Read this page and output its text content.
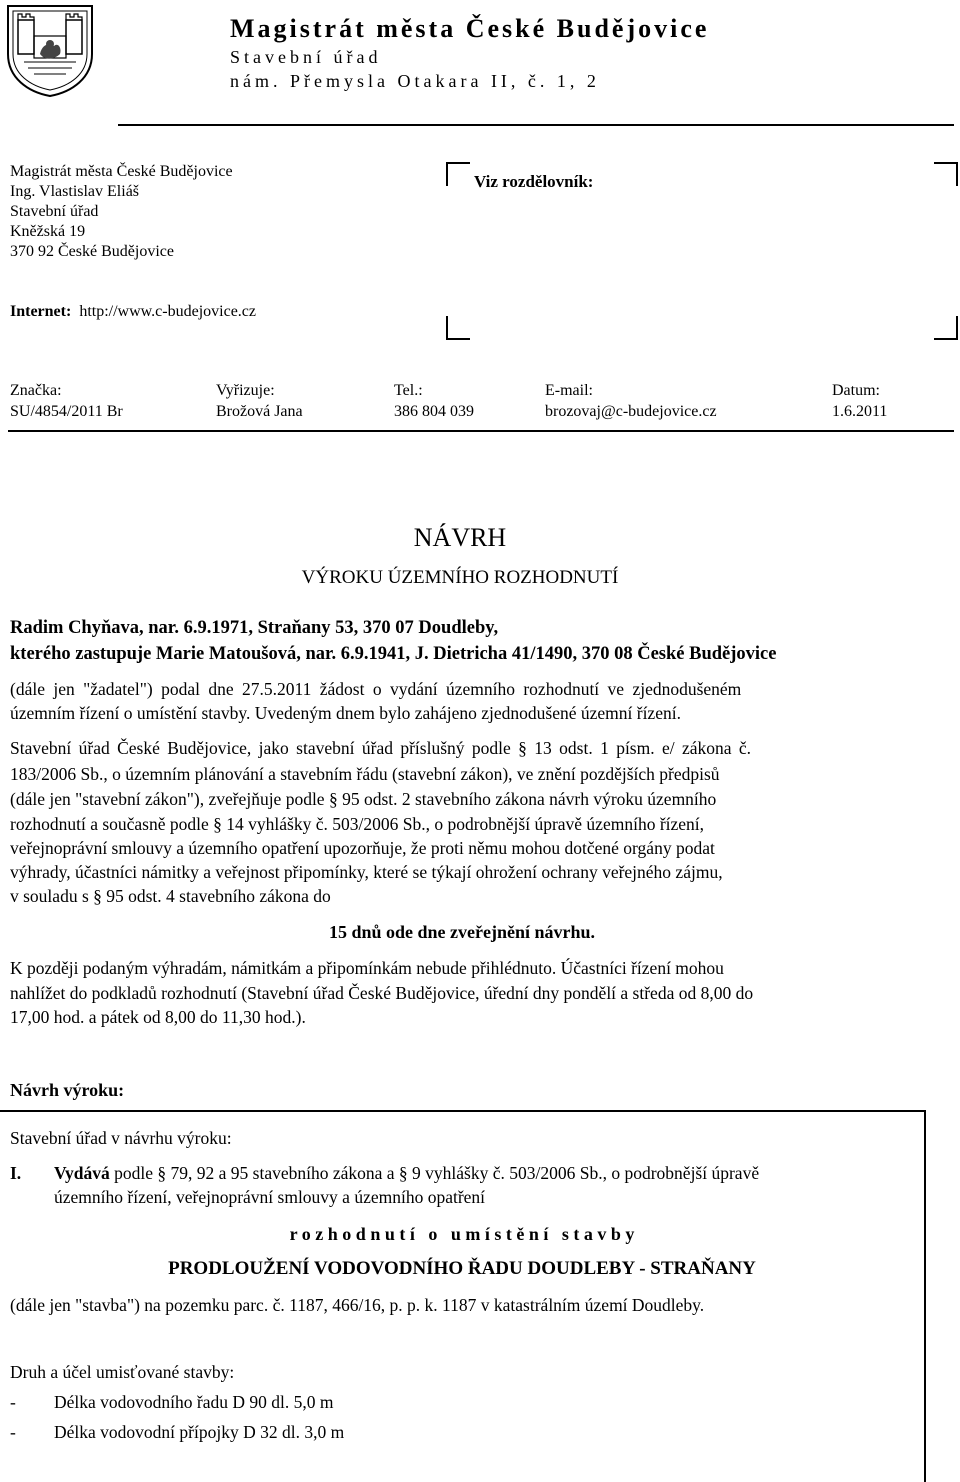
Magistrát města České Budějovice
Stavební úřad
nám. Přemysla Otakara II, č. 1, 2
Magistrát města České Budějovice
Ing. Vlastislav Eliáš
Stavební úřad
Kněžská 19
370 92 České Budějovice
Internet: http://www.c-budejovice.cz
Viz rozdělovník:
Značka:	Vyřizuje:	Tel.:	E-mail:	Datum:
SU/4854/2011 Br	Brožová Jana	386 804 039	brozovaj@c-budejovice.cz	1.6.2011
NÁVRH
VÝROKU ÚZEMNÍHO ROZHODNUTÍ
Radim Chyňava, nar. 6.9.1971, Straňany 53, 370 07 Doudleby,
kterého zastupuje Marie Matoušová, nar. 6.9.1941, J. Dietricha 41/1490, 370 08 České Budějovice
(dále jen "žadatel") podal dne 27.5.2011 žádost o vydání územního rozhodnutí ve zjednodušeném
územním řízení o umístění stavby. Uvedeným dnem bylo zahájeno zjednodušené územní řízení.
Stavební úřad České Budějovice, jako stavební úřad příslušný podle § 13 odst. 1 písm. e/ zákona č.
183/2006 Sb., o územním plánování a stavebním řádu (stavební zákon), ve znění pozdějších předpisů
(dále jen "stavební zákon"), zveřejňuje podle § 95 odst. 2 stavebního zákona návrh výroku územního
rozhodnutí a současně podle § 14 vyhlášky č. 503/2006 Sb., o podrobnější úpravě územního řízení,
veřejnoprávní smlouvy a územního opatření upozorňuje, že proti němu mohou dotčené orgány podat
výhrady, účastníci námitky a veřejnost připomínky, které se týkají ohrožení ochrany veřejného zájmu,
v souladu s § 95 odst. 4 stavebního zákona do
15 dnů ode dne zveřejnění návrhu.
K později podaným výhradám, námitkám a připomínkám nebude přihlédnuto. Účastníci řízení mohou
nahlížet do podkladů rozhodnutí (Stavební úřad České Budějovice, úřední dny pondělí a středa od 8,00 do
17,00 hod. a pátek od 8,00 do 11,30 hod.).
Návrh výroku:
Stavební úřad v návrhu výroku:
I. Vydává podle § 79, 92 a 95 stavebního zákona a § 9 vyhlášky č. 503/2006 Sb., o podrobnější úpravě
územního řízení, veřejnoprávní smlouvy a územního opatření
r o z h o d n u t í   o   u m í s t ě n í   s t a v b y
PRODLOUŽENÍ VODOVODNÍHO ŘADU DOUDLEBY - STRAŇANY
(dále jen "stavba") na pozemku parc. č. 1187, 466/16, p. p. k. 1187 v katastrálním území Doudleby.
Druh a účel umisťované stavby:
- Délka vodovodního řadu D 90 dl. 5,0 m
- Délka vodovodní přípojky D 32 dl. 3,0 m
